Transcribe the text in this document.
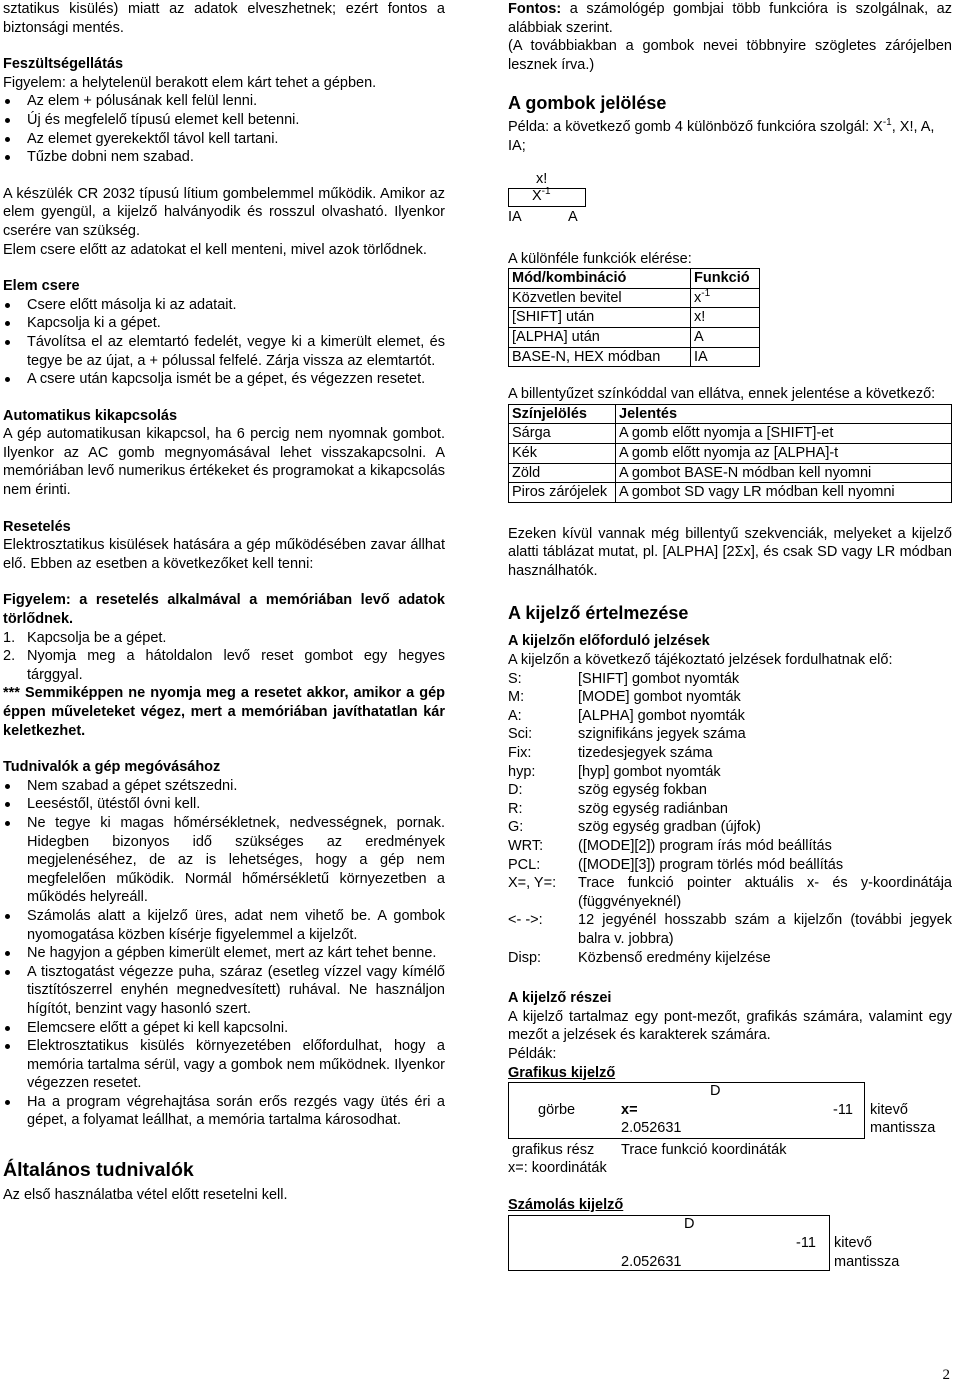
sztatikus kisülés) miatt az adatok elveszhetnek; ezért fontos a biztonsági mentés.

Feszültségellátás

Figyelem: a helytelenül berakott elem kárt tehet a gépben.

Az elem + pólusának kell felül lenni.
Új és megfelelő típusú elemet kell betenni.
Az elemet gyerekektől távol kell tartani.
Tűzbe dobni nem szabad.

A készülék CR 2032 típusú lítium gombelemmel működik. Amikor az elem gyengül, a kijelző halványodik és rosszul olvasható. Ilyenkor cserére van szükség.

Elem csere előtt az adatokat el kell menteni, mivel azok törlődnek.

Elem csere

Csere előtt másolja ki az adatait.
Kapcsolja ki a gépet.
Távolítsa el az elemtartó fedelét, vegye ki a kimerült elemet, és tegye be az újat, a + pólussal felfelé. Zárja vissza az elemtartót.
A csere után kapcsolja ismét be a gépet, és végezzen resetet.

Automatikus kikapcsolás

A gép automatikusan kikapcsol, ha 6 percig nem nyomnak gombot. Ilyenkor az AC gomb megnyomásával lehet visszakapcsolni. A memóriában levő numerikus értékeket és programokat a kikapcsolás nem érinti.

Resetelés

Elektrosztatikus kisülések hatására a gép működésében zavar állhat elő. Ebben az esetben a következőket kell tenni:

Figyelem: a resetelés alkalmával a memóriában levő adatok törlődnek.

1. Kapcsolja be a gépet.
2. Nyomja meg a hátoldalon levő reset gombot egy hegyes tárggyal.

*** Semmiképpen ne nyomja meg a resetet akkor, amikor a gép éppen műveleteket végez, mert a memóriában javíthatatlan kár keletkezhet.

Tudnivalók a gép megóvásához

Nem szabad a gépet szétszedni.
Leeséstől, ütéstől óvni kell.
Ne tegye ki magas hőmérsékletnek, nedvességnek, pornak. Hidegben bizonyos idő szükséges az eredmények megjelenéséhez, de az is lehetséges, hogy a gép nem megfelelően működik. Normál hőmérsékletű környezetben a működés helyreáll.
Számolás alatt a kijelző üres, adat nem vihető be. A gombok nyomogatása közben kísérje figyelemmel a kijelzőt.
Ne hagyjon a gépben kimerült elemet, mert az kárt tehet benne.
A tisztogatást végezze puha, száraz (esetleg vízzel vagy kímélő tisztítószerrel enyhén megnedvesített) ruhával. Ne használjon hígítót, benzint vagy hasonló szert.
Elemcsere előtt a gépet ki kell kapcsolni.
Elektrosztatikus kisülés környezetében előfordulhat, hogy a memória tartalma sérül, vagy a gombok nem működnek. Ilyenkor végezzen resetet.
Ha a program végrehajtása során erős rezgés vagy ütés éri a gépet, a folyamat leállhat, a memória tartalma károsodhat.

Általános tudnivalók

Az első használatba vétel előtt resetelni kell.

Fontos: a számológép gombjai több funkcióra is szolgálnak, az alábbiak szerint.

(A továbbiakban a gombok nevei többnyire szögletes zárójelben lesznek írva.)

A gombok jelölése

Példa: a következő gomb 4 különböző funkcióra szolgál: $X^{-1}$, X!, A, IA;

x!
$X^{-1}$
IA	A

A különféle funkciók elérése:

Mód/kombináció	Funkció
Közvetlen bevitel	$x^{-1}$
[SHIFT] után	x!
[ALPHA] után	A
BASE-N, HEX módban	IA

A billentyűzet színkóddal van ellátva, ennek jelentése a következő:

Színjelölés	Jelentés
Sárga	A gomb előtt nyomja a [SHIFT]-et
Kék	A gomb előtt nyomja az [ALPHA]-t
Zöld	A gombot BASE-N módban kell nyomni
Piros zárójelek	A gombot SD vagy LR módban kell nyomni

Ezeken kívül vannak még billentyű szekvenciák, melyeket a kijelző alatti táblázat mutat, pl. [ALPHA] [2Σx], és csak SD vagy LR módban használhatók.

A kijelző értelmezése

A kijelzőn előforduló jelzések

A kijelzőn a következő tájékoztató jelzések fordulhatnak elő:

S:	[SHIFT] gombot nyomták
M:	[MODE] gombot nyomták
A:	[ALPHA] gombot nyomták
Sci:	szignifikáns jegyek száma
Fix:	tizedesjegyek száma
hyp:	[hyp] gombot nyomták
D:	szög egység fokban
R:	szög egység radiánban
G:	szög egység gradban (újfok)
WRT:	([MODE][2]) program írás mód beállítás
PCL:	([MODE][3]) program törlés mód beállítás
X=, Y=:	Trace funkció pointer aktuális x- és y-koordinátája (függvényeknél)
<- ->:	12 jegyénél hosszabb szám a kijelzőn (további jegyek balra v. jobbra)
Disp:	Közbenső eredmény kijelzése

A kijelző részei

A kijelző tartalmaz egy pont-mezőt, grafikás számára, valamint egy mezőt a jelzések és karakterek számára.

Példák:

Grafikus kijelző

D
görbe	x=	-11
2.052631
kitevő
mantissza
grafikus rész Trace funkció koordináták
x=: koordináták

Számolás kijelző

D
-11
2.052631
kitevő
mantissza
2
